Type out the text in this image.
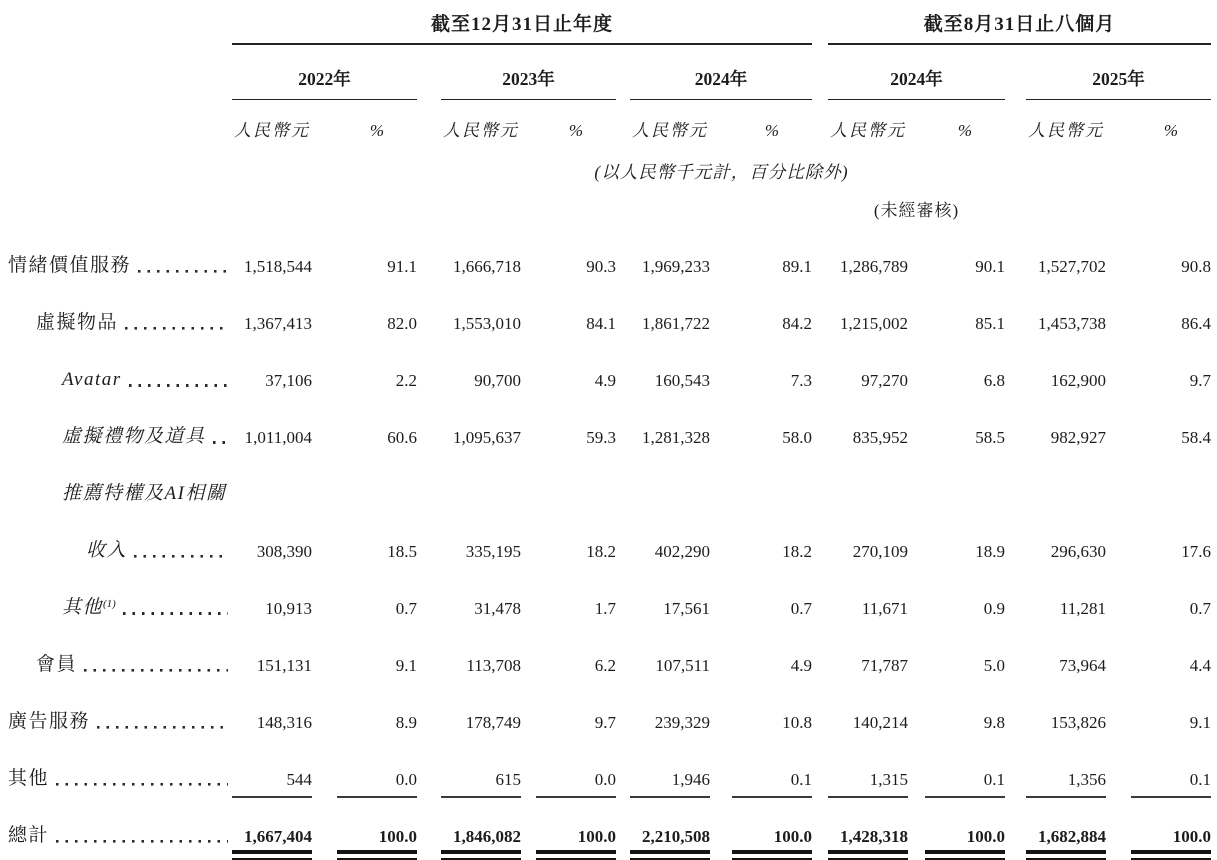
	截至12月31日止年度												截至8月31日止八個月						
	2022年				2023年				2024年				2024年				2025年		
	人民幣元		%		人民幣元		%		人民幣元		%		人民幣元		%		人民幣元		%
	(以人民幣千元計，百分比除外)																		
													(未經審核)						

情緒價值服務	1,518,544		91.1		1,666,718		90.3		1,969,233		89.1		1,286,789		90.1		1,527,702		90.8

虛擬物品	1,367,413		82.0		1,553,010		84.1		1,861,722		84.2		1,215,002		85.1		1,453,738		86.4

Avatar	37,106		2.2		90,700		4.9		160,543		7.3		97,270		6.8		162,900		9.7

虛擬禮物及道具	1,011,004		60.6		1,095,637		59.3		1,281,328		58.0		835,952		58.5		982,927		58.4

推薦特權及AI相關																			

收入	308,390		18.5		335,195		18.2		402,290		18.2		270,109		18.9		296,630		17.6

其他$^{(1)}$	10,913		0.7		31,478		1.7		17,561		0.7		11,671		0.9		11,281		0.7

會員	151,131		9.1		113,708		6.2		107,511		4.9		71,787		5.0		73,964		4.4

廣告服務	148,316		8.9		178,749		9.7		239,329		10.8		140,214		9.8		153,826		9.1

其他	544		0.0		615		0.0		1,946		0.1		1,315		0.1		1,356		0.1

總計	1,667,404		100.0		1,846,082		100.0		2,210,508		100.0		1,428,318		100.0		1,682,884		100.0
